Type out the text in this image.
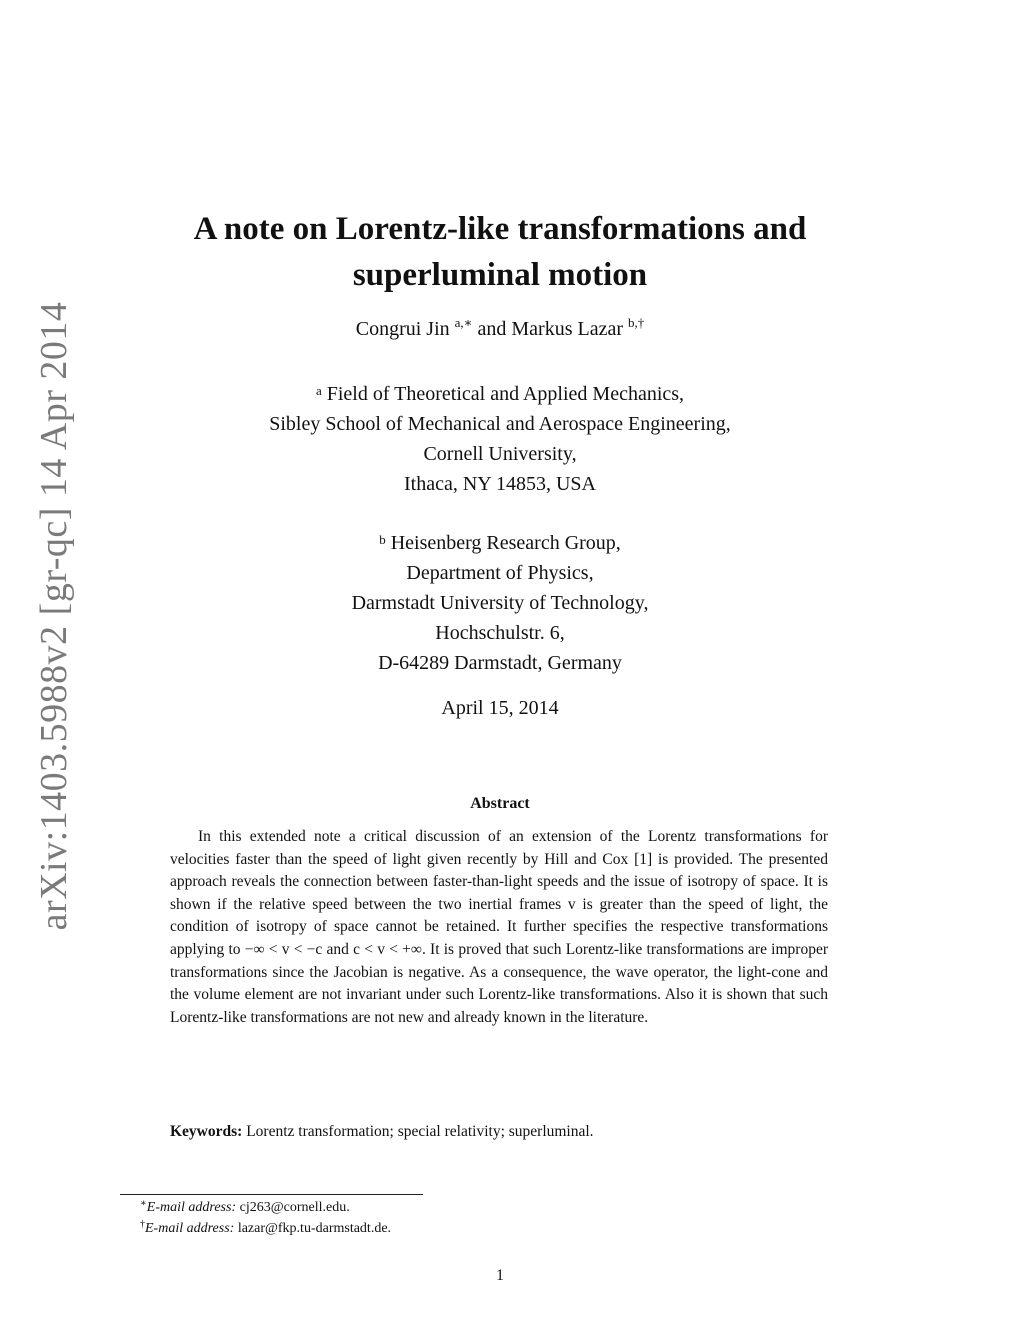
arXiv:1403.5988v2 [gr-qc] 14 Apr 2014
A note on Lorentz-like transformations and
superluminal motion
Congrui Jin $^{a,∗}$ and Markus Lazar $^{b,\dagger}$
$^a$ Field of Theoretical and Applied Mechanics,
Sibley School of Mechanical and Aerospace Engineering,
Cornell University,
Ithaca, NY 14853, USA
$^b$ Heisenberg Research Group,
Department of Physics,
Darmstadt University of Technology,
Hochschulstr. 6,
D-64289 Darmstadt, Germany
April 15, 2014
Abstract
In this extended note a critical discussion of an extension of the Lorentz transformations for velocities faster than the speed of light given recently by Hill and Cox [1] is provided. The presented approach reveals the connection between faster-than-light speeds and the issue of isotropy of space. It is shown if the relative speed between the two inertial frames v is greater than the speed of light, the condition of isotropy of space cannot be retained. It further specifies the respective transformations applying to −∞ < v < −c and c < v < +∞. It is proved that such Lorentz-like transformations are improper transformations since the Jacobian is negative. As a consequence, the wave operator, the light-cone and the volume element are not invariant under such Lorentz-like transformations. Also it is shown that such Lorentz-like transformations are not new and already known in the literature.
Keywords: Lorentz transformation; special relativity; superluminal.
∗E-mail address: cj263@cornell.edu.
†E-mail address: lazar@fkp.tu-darmstadt.de.
1
